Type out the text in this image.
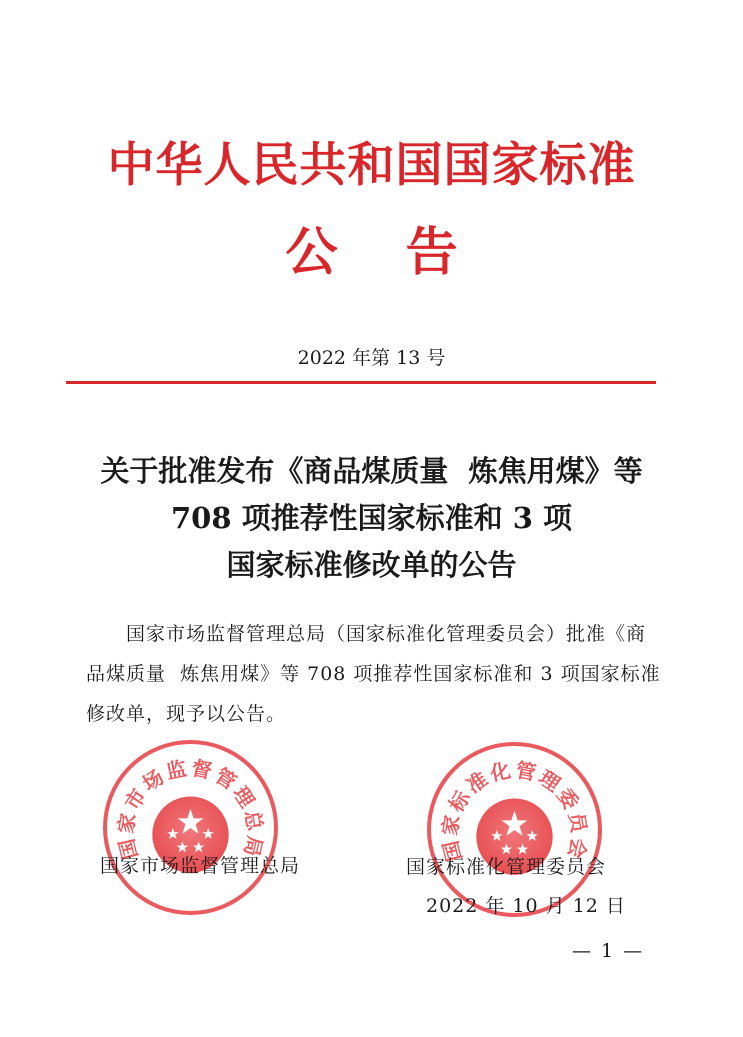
中华人民共和国国家标准
公告
2022 年第 13 号
关于批准发布《商品煤质量  炼焦用煤》等
708 项推荐性国家标准和 3 项
国家标准修改单的公告

国家市场监督管理总局（国家标准化管理委员会）批准《商品煤质量  炼焦用煤》等 708 项推荐性国家标准和 3 项国家标准修改单，现予以公告。

国家市场监督管理总局	国家标准化管理委员会
国家市场监督管理总局	国家标准化管理委员会
2022 年 10 月 12 日
— 1 —
